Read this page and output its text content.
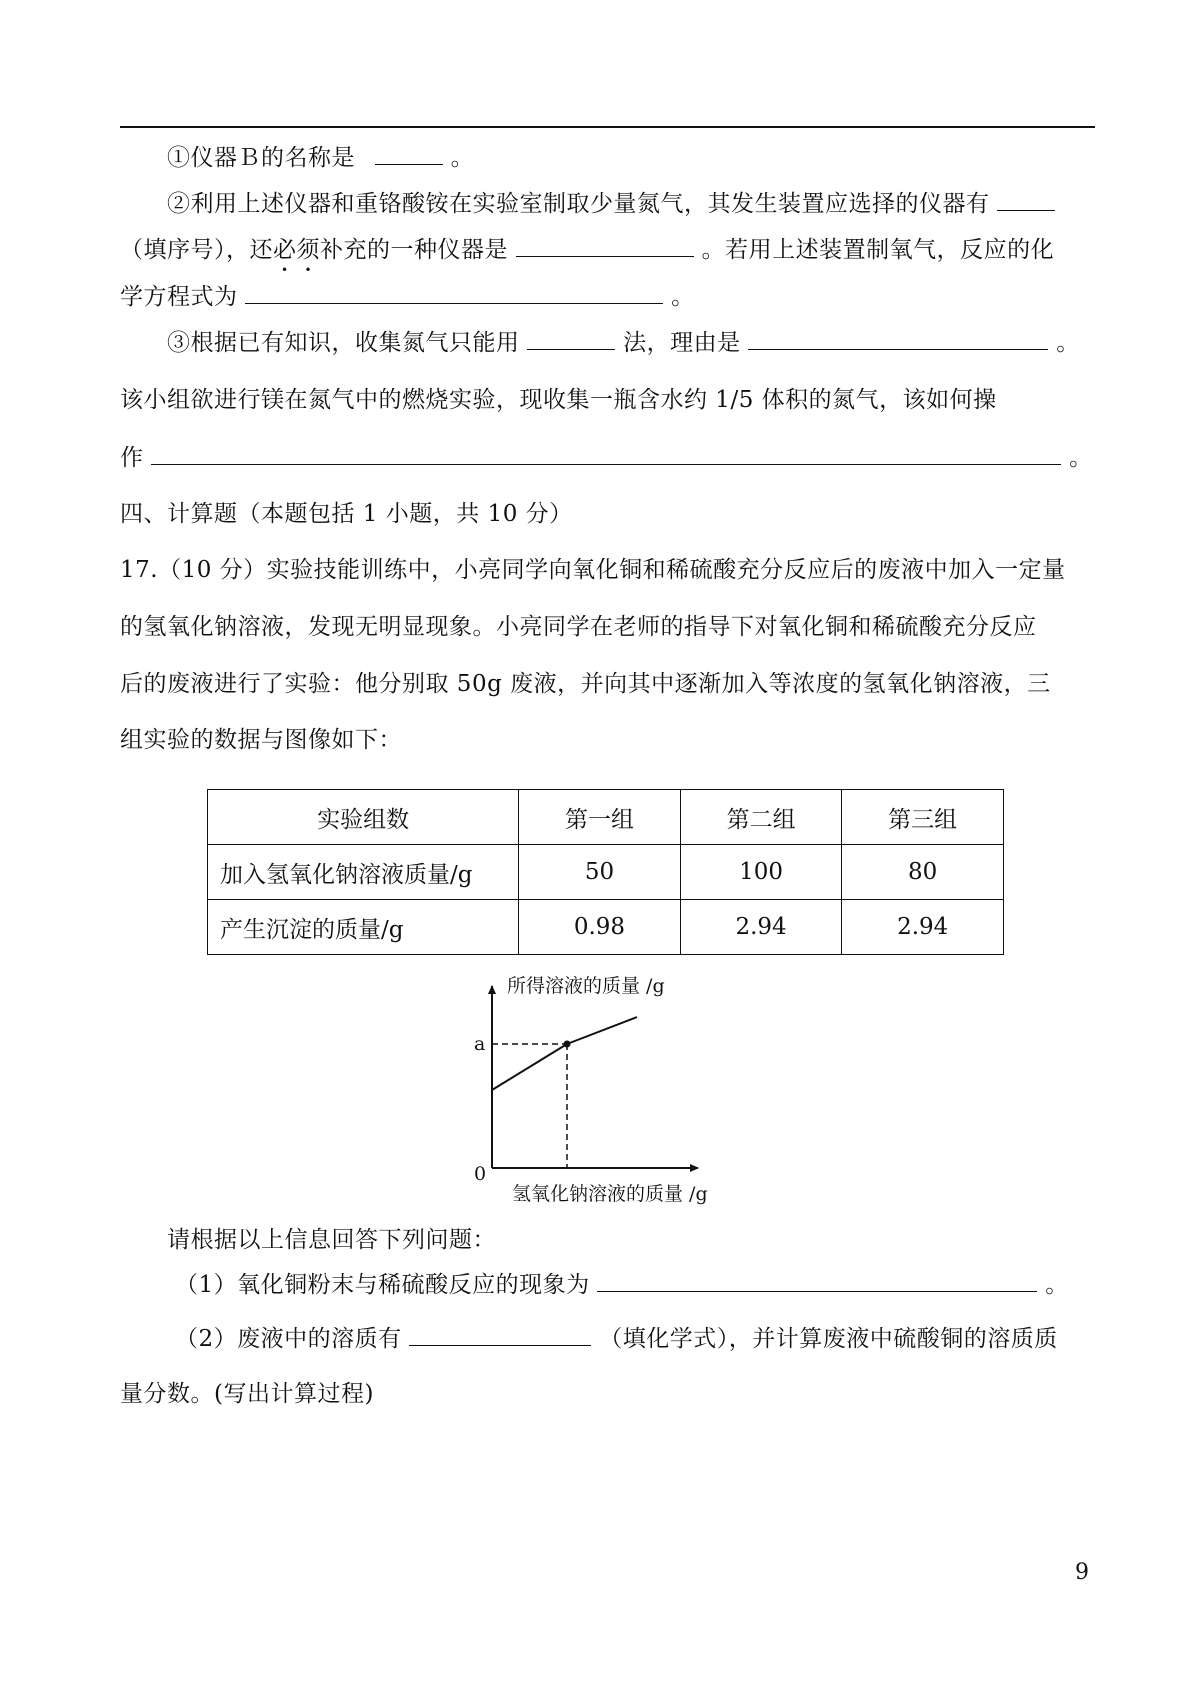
①仪器Ｂ的名称是	。
②利用上述仪器和重铬酸铵在实验室制取少量氮气，其发生装置应选择的仪器有
（填序号），还必须补充的一种仪器是	。若用上述装置制氧气，反应的化
学方程式为	。
③根据已有知识，收集氮气只能用	法，理由是	。
该小组欲进行镁在氮气中的燃烧实验，现收集一瓶含水约 1/5 体积的氮气，该如何操
作	。
四、计算题（本题包括 1 小题，共 10 分）
17.（10 分）实验技能训练中，小亮同学向氧化铜和稀硫酸充分反应后的废液中加入一定量
的氢氧化钠溶液，发现无明显现象。小亮同学在老师的指导下对氧化铜和稀硫酸充分反应
后的废液进行了实验：他分别取 50g 废液，并向其中逐渐加入等浓度的氢氧化钠溶液，三
组实验的数据与图像如下：
实验组数	第一组	第二组	第三组
加入氢氧化钠溶液质量/g	50	100	80
产生沉淀的质量/g	0.98	2.94	2.94
所得溶液的质量 /g
a
0
氢氧化钠溶液的质量 /g
请根据以上信息回答下列问题：
（1）氧化铜粉末与稀硫酸反应的现象为	。
（2）废液中的溶质有	（填化学式），并计算废液中硫酸铜的溶质质
量分数。(写出计算过程)
9
